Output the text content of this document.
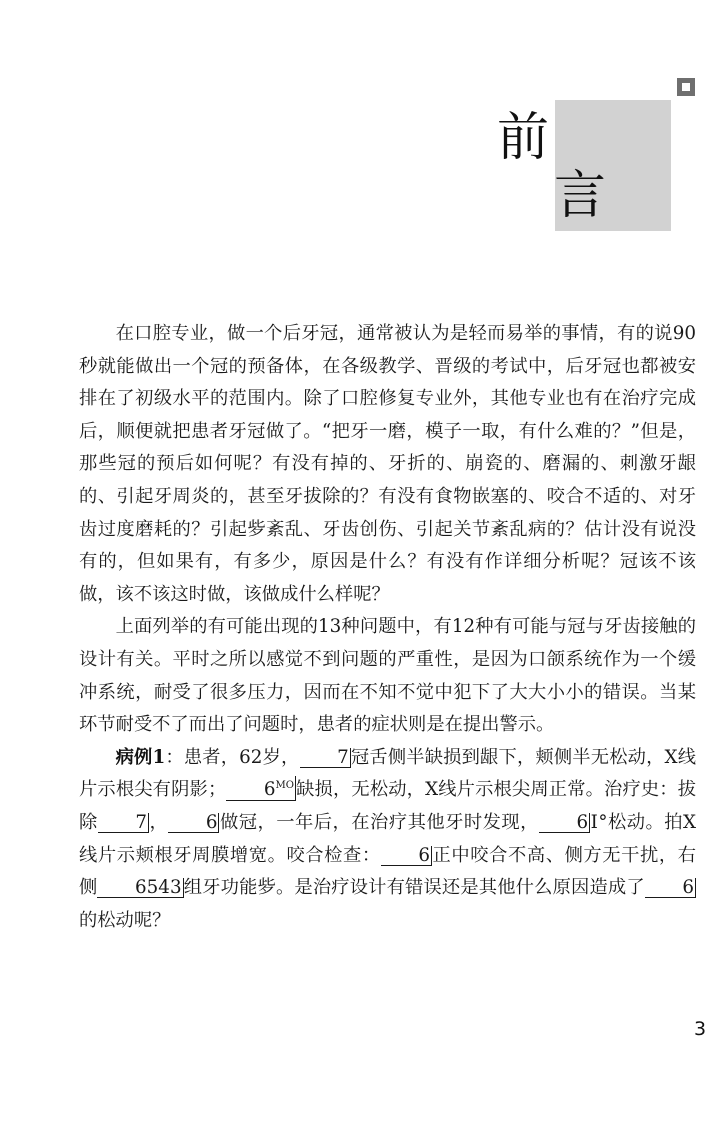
前
言

在口腔专业，做一个后牙冠，通常被认为是轻而易举的事情，有的说90秒就能做出一个冠的预备体，在各级教学、晋级的考试中，后牙冠也都被安排在了初级水平的范围内。除了口腔修复专业外，其他专业也有在治疗完成后，顺便就把患者牙冠做了。“把牙一磨，模子一取，有什么难的？”但是，那些冠的预后如何呢？有没有掉的、牙折的、崩瓷的、磨漏的、刺激牙龈的、引起牙周炎的，甚至牙拔除的？有没有食物嵌塞的、咬合不适的、对牙齿过度磨耗的？引起㱔紊乱、牙齿创伤、引起关节紊乱病的？估计没有说没有的，但如果有，有多少，原因是什么？有没有作详细分析呢？冠该不该做，该不该这时做，该做成什么样呢？

上面列举的有可能出现的13种问题中，有12种有可能与冠与牙齿接触的设计有关。平时之所以感觉不到问题的严重性，是因为口颌系统作为一个缓冲系统，耐受了很多压力，因而在不知不觉中犯下了大大小小的错误。当某环节耐受不了而出了问题时，患者的症状则是在提出警示。

病例1：患者，62岁， 7 冠舌侧半缺损到龈下，颊侧半无松动，X线片示根尖有阴影； $6^{MO}$ 缺损，无松动，X线片示根尖周正常。治疗史：拔除 7 ， 6 做冠，一年后，在治疗其他牙时发现， 6 Ⅰ°松动。拍X线片示颊根牙周膜增宽。咬合检查： 6 正中咬合不高、侧方无干扰，右侧 6543 组牙功能㱔。是治疗设计有错误还是其他什么原因造成了 6的松动呢？

3
